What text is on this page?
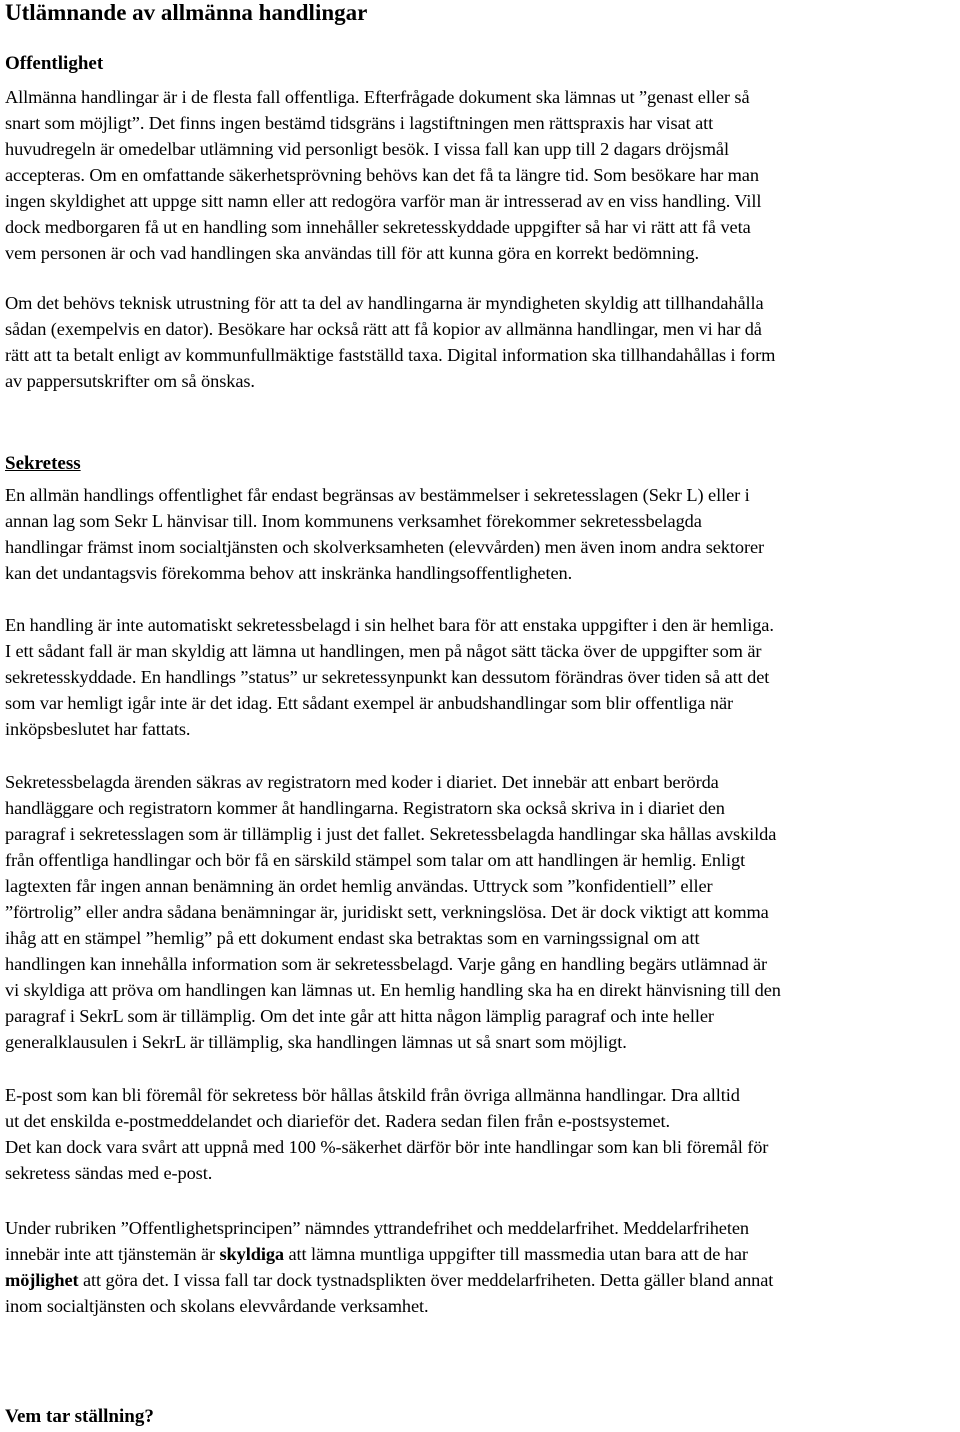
Utlämnande av allmänna handlingar
Offentlighet

Allmänna handlingar är i de flesta fall offentliga. Efterfrågade dokument ska lämnas ut ”genast eller så
snart som möjligt”. Det finns ingen bestämd tidsgräns i lagstiftningen men rättspraxis har visat att
huvudregeln är omedelbar utlämning vid personligt besök. I vissa fall kan upp till 2 dagars dröjsmål
accepteras. Om en omfattande säkerhetsprövning behövs kan det få ta längre tid. Som besökare har man
ingen skyldighet att uppge sitt namn eller att redogöra varför man är intresserad av en viss handling. Vill
dock medborgaren få ut en handling som innehåller sekretesskyddade uppgifter så har vi rätt att få veta
vem personen är och vad handlingen ska användas till för att kunna göra en korrekt bedömning.

Om det behövs teknisk utrustning för att ta del av handlingarna är myndigheten skyldig att tillhandahålla
sådan (exempelvis en dator). Besökare har också rätt att få kopior av allmänna handlingar, men vi har då
rätt att ta betalt enligt av kommunfullmäktige fastställd taxa. Digital information ska tillhandahållas i form
av pappersutskrifter om så önskas.

Sekretess

En allmän handlings offentlighet får endast begränsas av bestämmelser i sekretesslagen (Sekr L) eller i
annan lag som Sekr L hänvisar till. Inom kommunens verksamhet förekommer sekretessbelagda
handlingar främst inom socialtjänsten och skolverksamheten (elevvården) men även inom andra sektorer
kan det undantagsvis förekomma behov att inskränka handlingsoffentligheten.

En handling är inte automatiskt sekretessbelagd i sin helhet bara för att enstaka uppgifter i den är hemliga.
I ett sådant fall är man skyldig att lämna ut handlingen, men på något sätt täcka över de uppgifter som är
sekretesskyddade. En handlings ”status” ur sekretessynpunkt kan dessutom förändras över tiden så att det
som var hemligt igår inte är det idag. Ett sådant exempel är anbudshandlingar som blir offentliga när
inköpsbeslutet har fattats.

Sekretessbelagda ärenden säkras av registratorn med koder i diariet. Det innebär att enbart berörda
handläggare och registratorn kommer åt handlingarna. Registratorn ska också skriva in i diariet den
paragraf i sekretesslagen som är tillämplig i just det fallet. Sekretessbelagda handlingar ska hållas avskilda
från offentliga handlingar och bör få en särskild stämpel som talar om att handlingen är hemlig. Enligt
lagtexten får ingen annan benämning än ordet hemlig användas. Uttryck som ”konfidentiell” eller
”förtrolig” eller andra sådana benämningar är, juridiskt sett, verkningslösa. Det är dock viktigt att komma
ihåg att en stämpel ”hemlig” på ett dokument endast ska betraktas som en varningssignal om att
handlingen kan innehålla information som är sekretessbelagd. Varje gång en handling begärs utlämnad är
vi skyldiga att pröva om handlingen kan lämnas ut. En hemlig handling ska ha en direkt hänvisning till den
paragraf i SekrL som är tillämplig. Om det inte går att hitta någon lämplig paragraf och inte heller
generalklausulen i SekrL är tillämplig, ska handlingen lämnas ut så snart som möjligt.

E-post som kan bli föremål för sekretess bör hållas åtskild från övriga allmänna handlingar. Dra alltid
ut det enskilda e-postmeddelandet och diarieför det. Radera sedan filen från e-postsystemet.
Det kan dock vara svårt att uppnå med 100 %-säkerhet därför bör inte handlingar som kan bli föremål för
sekretess sändas med e-post.

Under rubriken ”Offentlighetsprincipen” nämndes yttrandefrihet och meddelarfrihet. Meddelarfriheten
innebär inte att tjänstemän är skyldiga att lämna muntliga uppgifter till massmedia utan bara att de har
möjlighet att göra det. I vissa fall tar dock tystnadsplikten över meddelarfriheten. Detta gäller bland annat
inom socialtjänsten och skolans elevvårdande verksamhet.

Vem tar ställning?
